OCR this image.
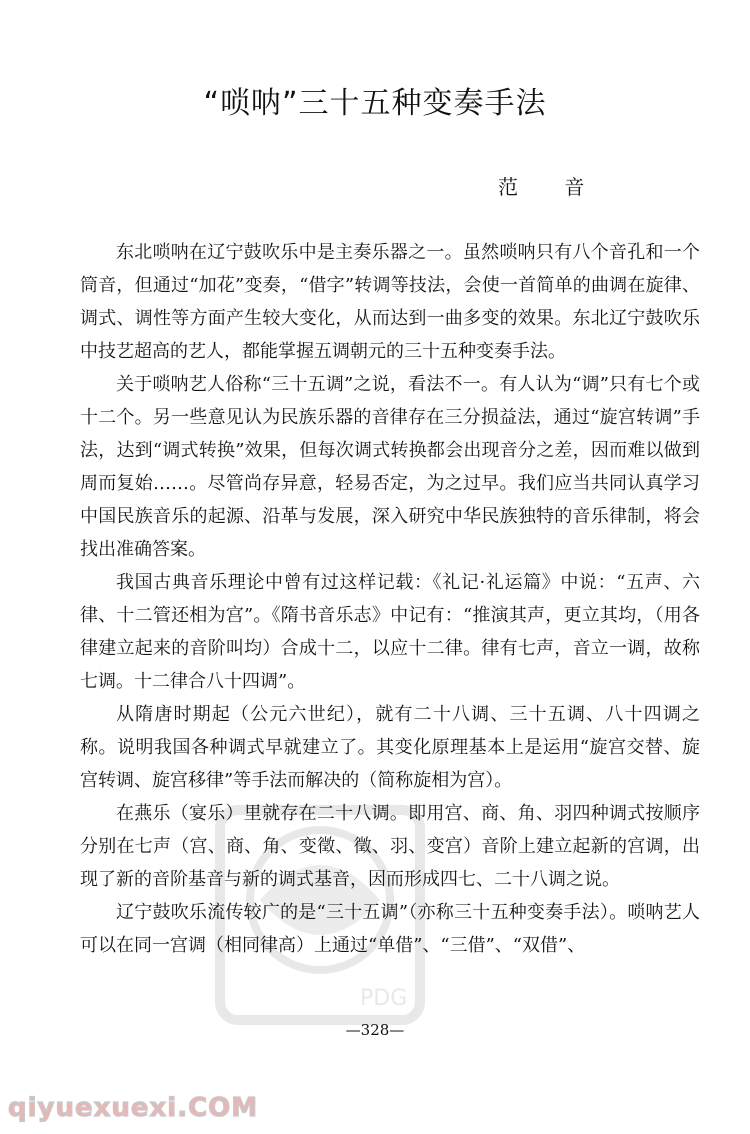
PDG
“唢呐”三十五种变奏手法

范 音

东北唢呐在辽宁鼓吹乐中是主奏乐器之一。虽然唢呐只有八个音孔和一个筒音，但通过“加花”变奏，“借字”转调等技法，会使一首简单的曲调在旋律、调式、调性等方面产生较大变化，从而达到一曲多变的效果。东北辽宁鼓吹乐中技艺超高的艺人，都能掌握五调朝元的三十五种变奏手法。

关于唢呐艺人俗称“三十五调”之说，看法不一。有人认为“调”只有七个或十二个。另一些意见认为民族乐器的音律存在三分损益法，通过“旋宫转调”手法，达到“调式转换”效果，但每次调式转换都会出现音分之差，因而难以做到周而复始……。尽管尚存异意，轻易否定，为之过早。我们应当共同认真学习中国民族音乐的起源、沿革与发展，深入研究中华民族独特的音乐律制，将会找出准确答案。

我国古典音乐理论中曾有过这样记载：《礼记·礼运篇》中说：“五声、六律、十二管还相为宫”。《隋书音乐志》中记有：“推演其声，更立其均，（用各律建立起来的音阶叫均）合成十二，以应十二律。律有七声，音立一调，故称七调。十二律合八十四调”。

从隋唐时期起（公元六世纪），就有二十八调、三十五调、八十四调之称。说明我国各种调式早就建立了。其变化原理基本上是运用“旋宫交替、旋宫转调、旋宫移律”等手法而解决的（简称旋相为宫）。

在燕乐（宴乐）里就存在二十八调。即用宫、商、角、羽四种调式按顺序分别在七声（宫、商、角、变徵、徵、羽、变宫）音阶上建立起新的宫调，出现了新的音阶基音与新的调式基音，因而形成四七、二十八调之说。

辽宁鼓吹乐流传较广的是“三十五调”（亦称三十五种变奏手法）。唢呐艺人可以在同一宫调（相同律高）上通过“单借”、“三借”、“双借”、

—328—

qiyuexuexi.COM
